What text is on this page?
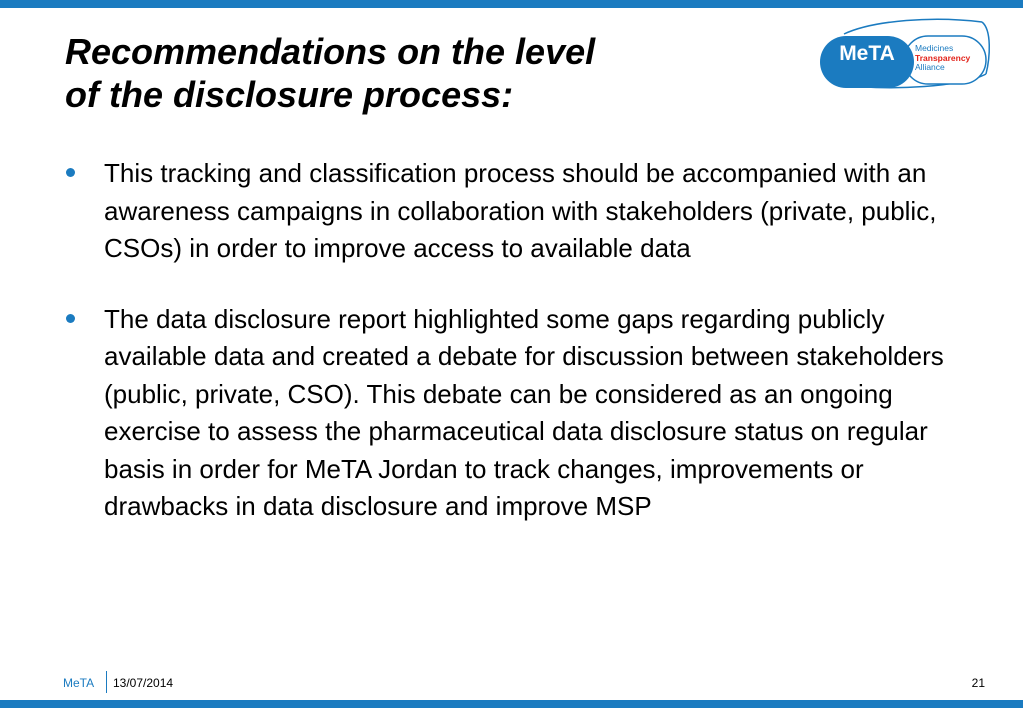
Recommendations on the level
of the disclosure process:
MeTA	Medicines
Transparency
Alliance
This tracking and classification process should be accompanied with an awareness campaigns in collaboration with stakeholders (private, public, CSOs) in order to improve access to available data
The data disclosure report highlighted some gaps regarding publicly available data and created a debate for discussion between stakeholders (public, private, CSO). This debate can be considered as an ongoing exercise to assess the pharmaceutical data disclosure status on regular basis in order for MeTA Jordan to track changes, improvements or drawbacks in data disclosure and improve MSP
MeTA 13/07/2014	21
